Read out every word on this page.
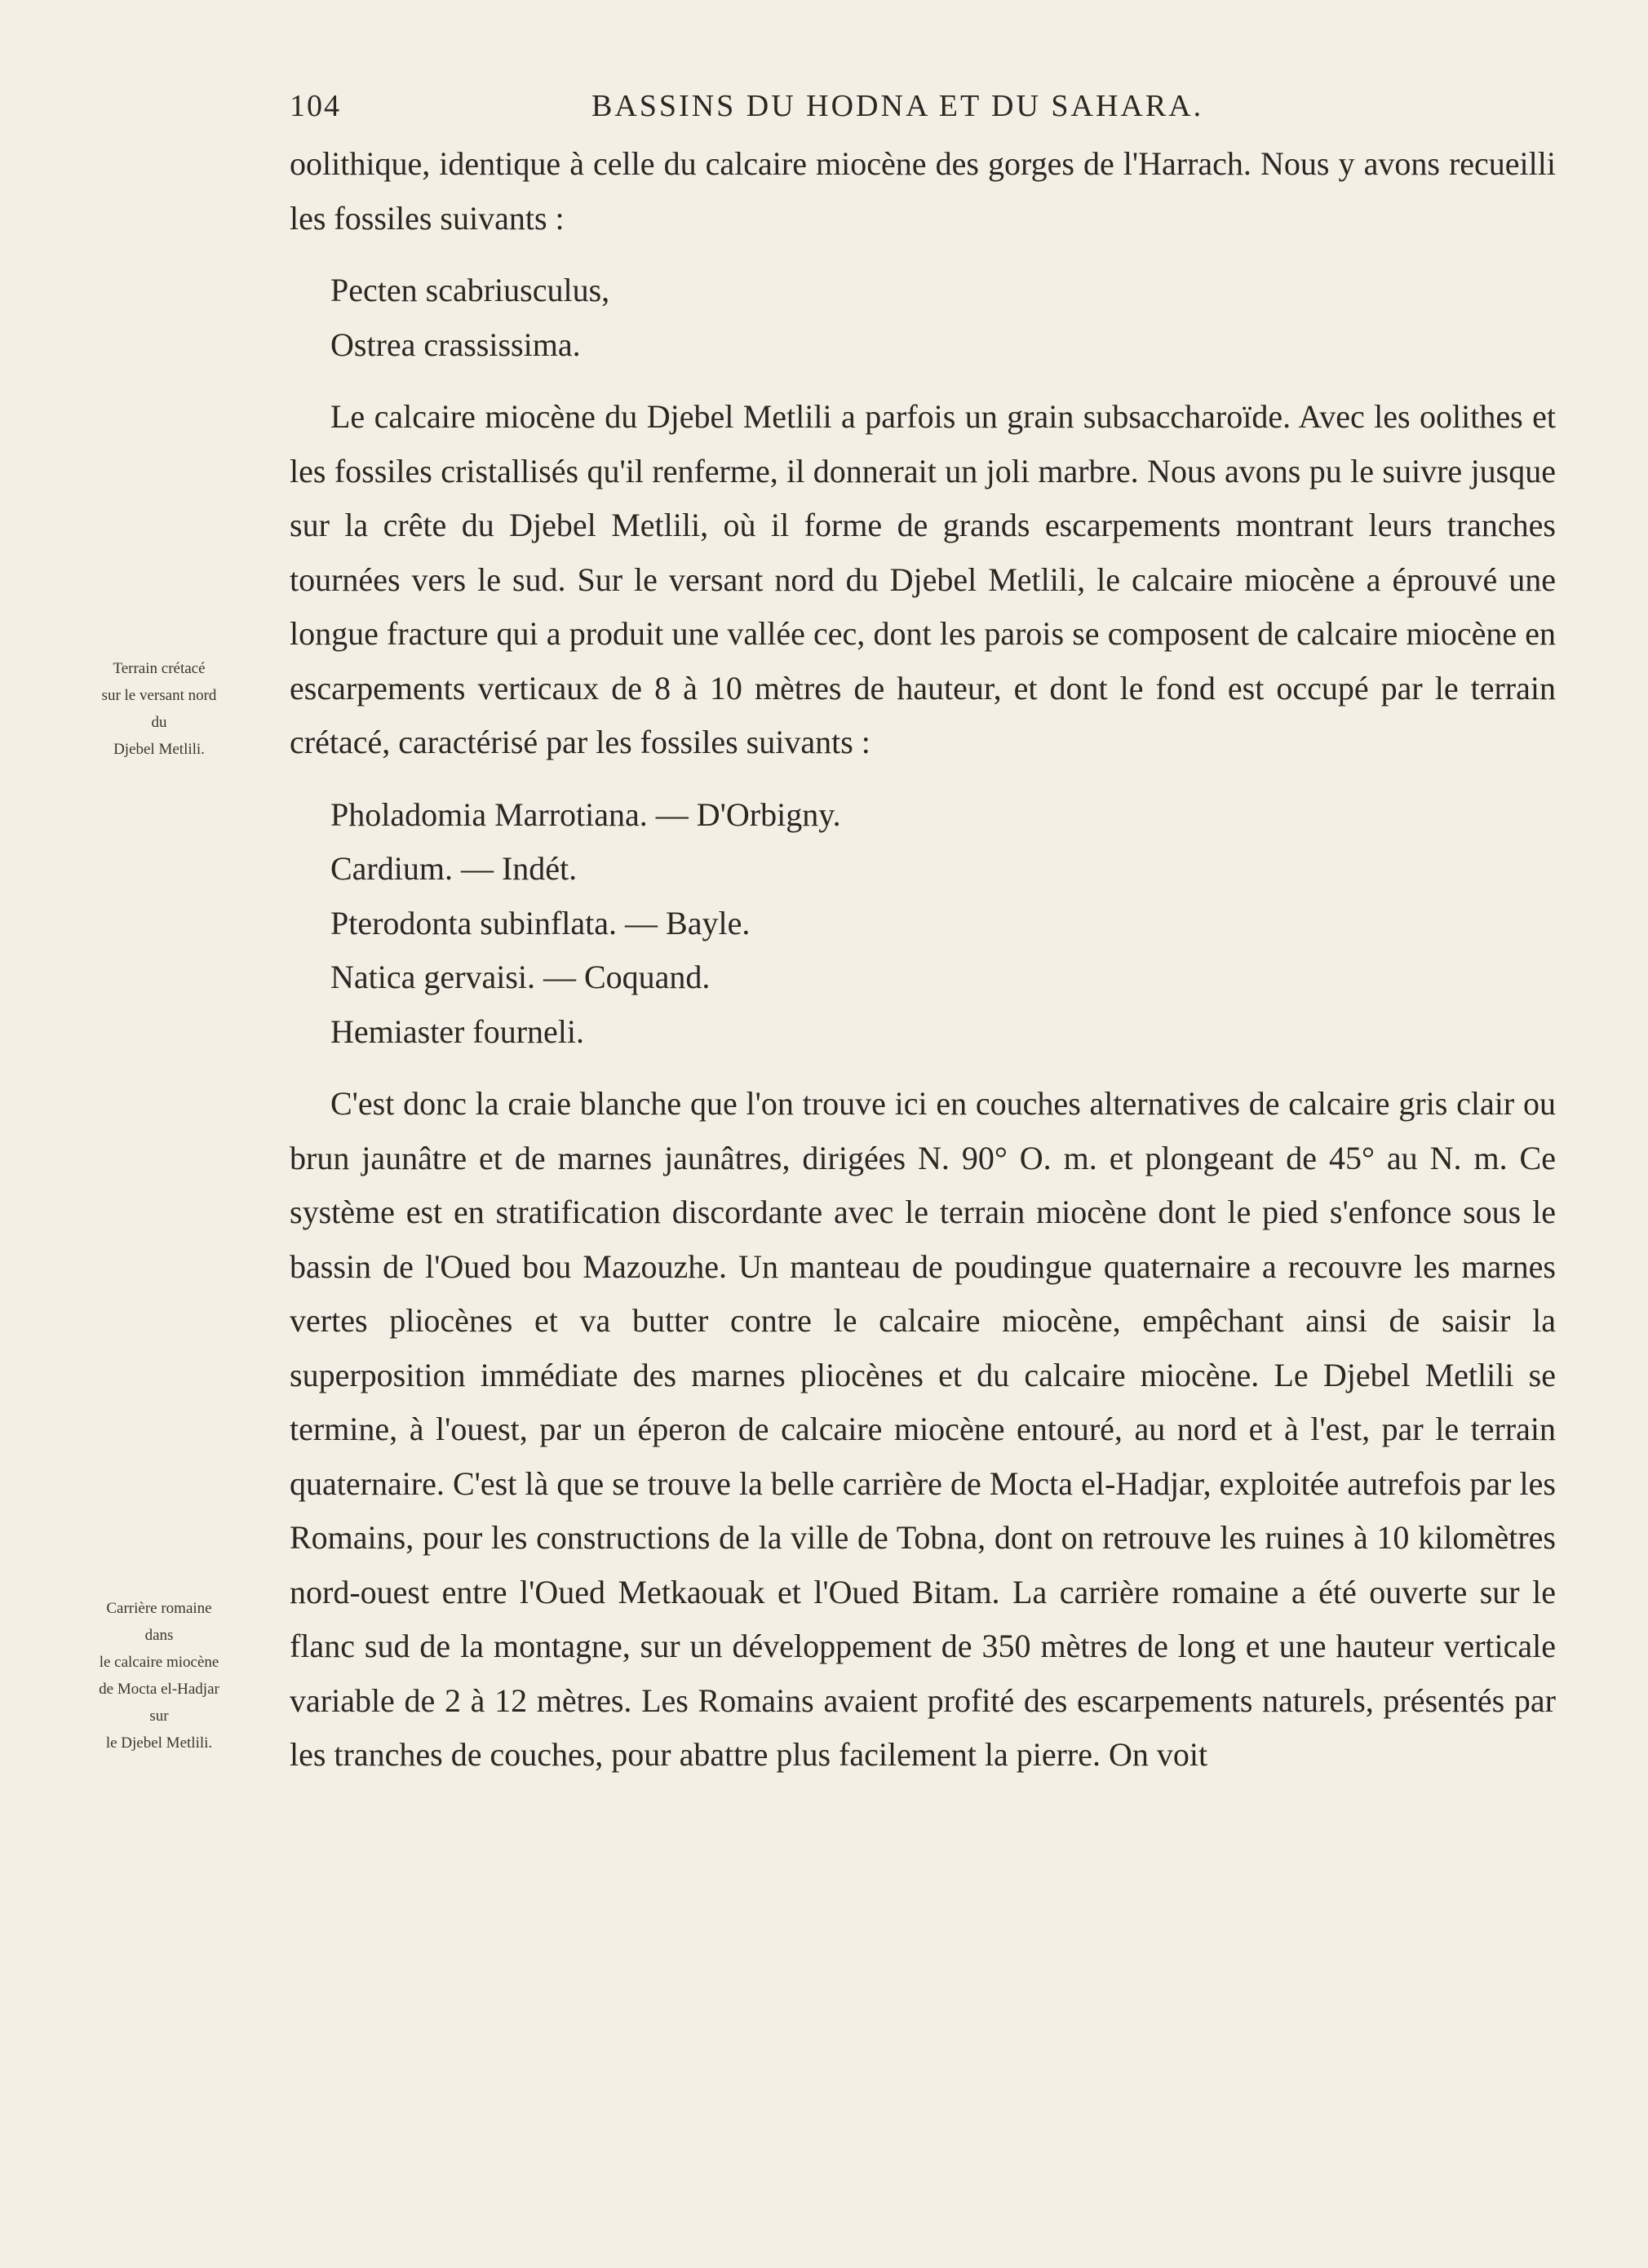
104	BASSINS DU HODNA ET DU SAHARA.
Terrain crétacé
sur le versant nord
du
Djebel Metlili.
Carrière romaine
dans
le calcaire miocène
de Mocta el-Hadjar
sur
le Djebel Metlili.

oolithique, identique à celle du calcaire miocène des gorges de l'Harrach. Nous y avons recueilli les fossiles suivants :

Pecten scabriusculus,
Ostrea crassissima.

Le calcaire miocène du Djebel Metlili a parfois un grain subsaccharoïde. Avec les oolithes et les fossiles cristallisés qu'il renferme, il donnerait un joli marbre. Nous avons pu le suivre jusque sur la crête du Djebel Metlili, où il forme de grands escarpements montrant leurs tranches tournées vers le sud. Sur le versant nord du Djebel Metlili, le calcaire miocène a éprouvé une longue fracture qui a produit une vallée cec, dont les parois se composent de calcaire miocène en escarpements verticaux de 8 à 10 mètres de hauteur, et dont le fond est occupé par le terrain crétacé, caractérisé par les fossiles suivants :

Pholadomia Marrotiana. — D'Orbigny.
Cardium. — Indét.
Pterodonta subinflata. — Bayle.
Natica gervaisi. — Coquand.
Hemiaster fourneli.

C'est donc la craie blanche que l'on trouve ici en couches alternatives de calcaire gris clair ou brun jaunâtre et de marnes jaunâtres, dirigées N. 90° O. m. et plongeant de 45° au N. m. Ce système est en stratification discordante avec le terrain miocène dont le pied s'enfonce sous le bassin de l'Oued bou Mazouzhe. Un manteau de poudingue quaternaire a recouvre les marnes vertes pliocènes et va butter contre le calcaire miocène, empêchant ainsi de saisir la superposition immédiate des marnes pliocènes et du calcaire miocène. Le Djebel Metlili se termine, à l'ouest, par un éperon de calcaire miocène entouré, au nord et à l'est, par le terrain quaternaire. C'est là que se trouve la belle carrière de Mocta el-Hadjar, exploitée autrefois par les Romains, pour les constructions de la ville de Tobna, dont on retrouve les ruines à 10 kilomètres nord-ouest entre l'Oued Metkaouak et l'Oued Bitam. La carrière romaine a été ouverte sur le flanc sud de la montagne, sur un développement de 350 mètres de long et une hauteur verticale variable de 2 à 12 mètres. Les Romains avaient profité des escarpements naturels, présentés par les tranches de couches, pour abattre plus facilement la pierre. On voit
